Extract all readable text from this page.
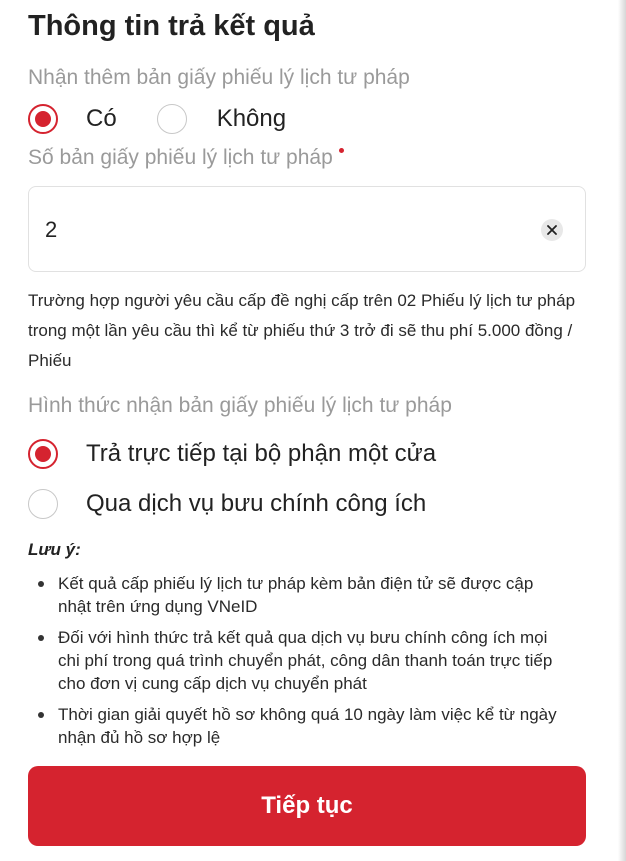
Thông tin trả kết quả
Nhận thêm bản giấy phiếu lý lịch tư pháp
Có	Không
Số bản giấy phiếu lý lịch tư pháp
2
Trường hợp người yêu cầu cấp đề nghị cấp trên 02 Phiếu lý lịch tư pháp trong một lần yêu cầu thì kể từ phiếu thứ 3 trở đi sẽ thu phí 5.000 đồng / Phiếu
Hình thức nhận bản giấy phiếu lý lịch tư pháp
Trả trực tiếp tại bộ phận một cửa
Qua dịch vụ bưu chính công ích
Lưu ý:
Kết quả cấp phiếu lý lịch tư pháp kèm bản điện tử sẽ được cập nhật trên ứng dụng VNeID
Đối với hình thức trả kết quả qua dịch vụ bưu chính công ích mọi chi phí trong quá trình chuyển phát, công dân thanh toán trực tiếp cho đơn vị cung cấp dịch vụ chuyển phát
Thời gian giải quyết hồ sơ không quá 10 ngày làm việc kể từ ngày nhận đủ hồ sơ hợp lệ
Tiếp tục
